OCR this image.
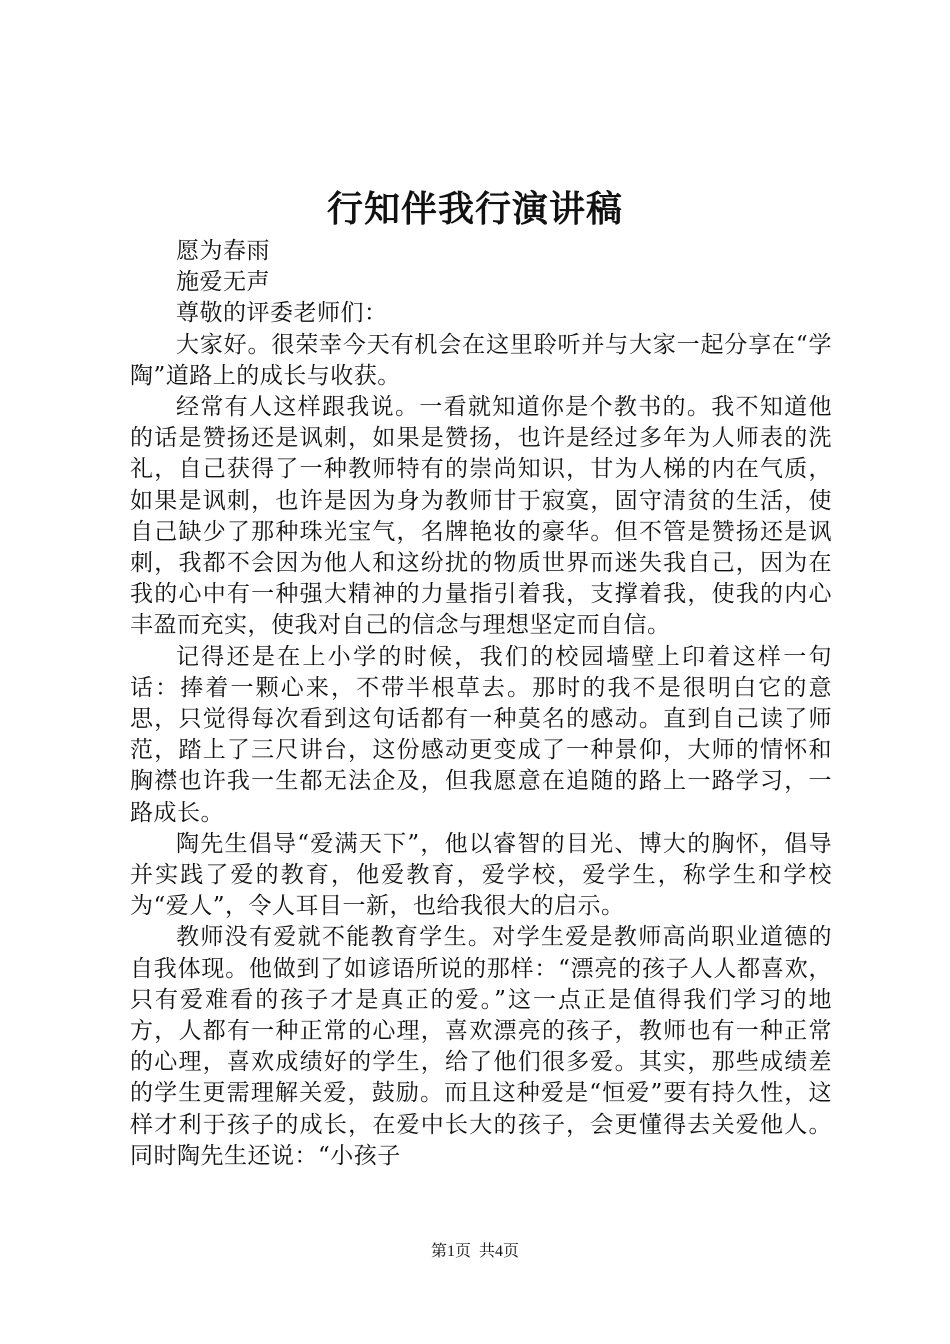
行知伴我行演讲稿

愿为春雨

施爱无声

尊敬的评委老师们：

大家好。很荣幸今天有机会在这里聆听并与大家一起分享在“学陶”道路上的成长与收获。

经常有人这样跟我说。一看就知道你是个教书的。我不知道他的话是赞扬还是讽刺，如果是赞扬，也许是经过多年为人师表的洗礼，自己获得了一种教师特有的崇尚知识，甘为人梯的内在气质，如果是讽刺，也许是因为身为教师甘于寂寞，固守清贫的生活，使自己缺少了那种珠光宝气，名牌艳妆的豪华。但不管是赞扬还是讽刺，我都不会因为他人和这纷扰的物质世界而迷失我自己，因为在我的心中有一种强大精神的力量指引着我，支撑着我，使我的内心丰盈而充实，使我对自己的信念与理想坚定而自信。

记得还是在上小学的时候，我们的校园墙壁上印着这样一句话：捧着一颗心来，不带半根草去。那时的我不是很明白它的意思，只觉得每次看到这句话都有一种莫名的感动。直到自己读了师范，踏上了三尺讲台，这份感动更变成了一种景仰，大师的情怀和胸襟也许我一生都无法企及，但我愿意在追随的路上一路学习，一路成长。

陶先生倡导“爱满天下”，他以睿智的目光、博大的胸怀，倡导并实践了爱的教育，他爱教育，爱学校，爱学生，称学生和学校为“爱人”，令人耳目一新，也给我很大的启示。

教师没有爱就不能教育学生。对学生爱是教师高尚职业道德的自我体现。他做到了如谚语所说的那样：“漂亮的孩子人人都喜欢，只有爱难看的孩子才是真正的爱。”这一点正是值得我们学习的地方，人都有一种正常的心理，喜欢漂亮的孩子，教师也有一种正常的心理，喜欢成绩好的学生，给了他们很多爱。其实，那些成绩差的学生更需理解关爱，鼓励。而且这种爱是“恒爱”要有持久性，这样才利于孩子的成长，在爱中长大的孩子，会更懂得去关爱他人。同时陶先生还说：“小孩子

第1页 共4页
